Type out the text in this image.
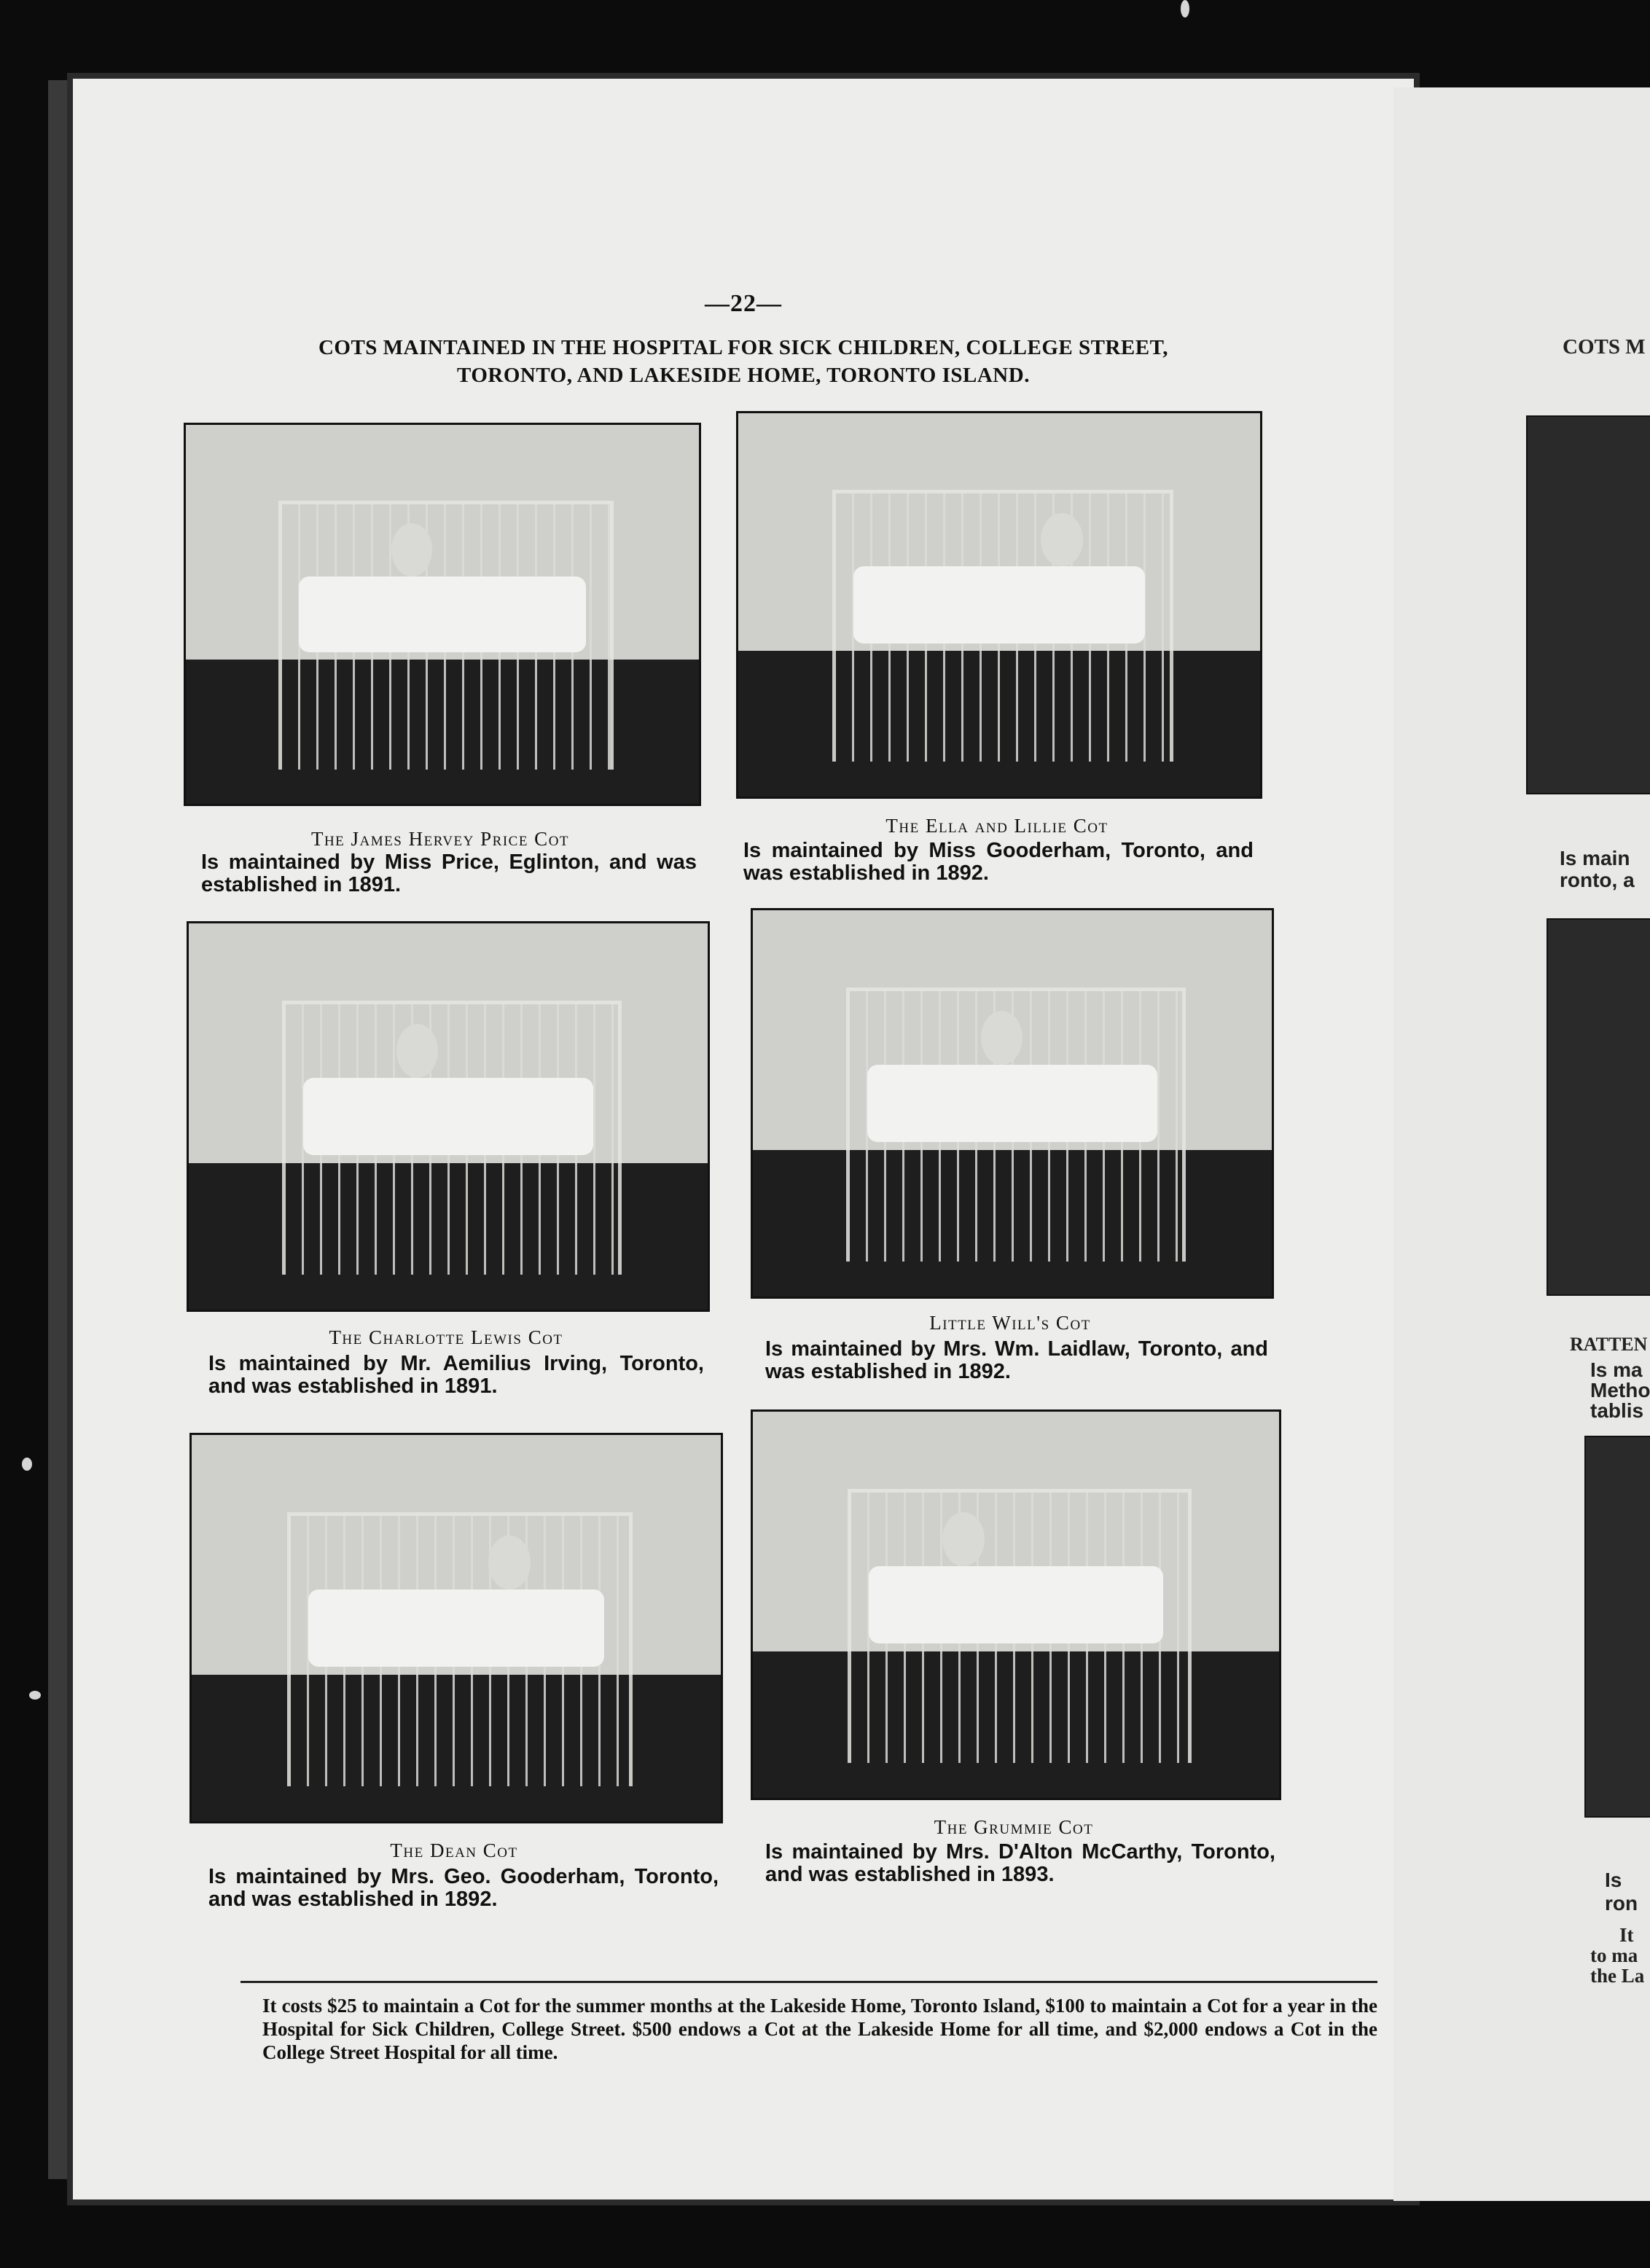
—22—
COTS MAINTAINED IN THE HOSPITAL FOR SICK CHILDREN, COLLEGE STREET,
TORONTO, AND LAKESIDE HOME, TORONTO ISLAND.
The James Hervey Price Cot
Is maintained by Miss Price, Eglinton, and was established in 1891.
The Ella and Lillie Cot
Is maintained by Miss Gooderham, Toronto, and was established in 1892.
The Charlotte Lewis Cot
Is maintained by Mr. Aemilius Irving, Toronto, and was established in 1891.
Little Will's Cot
Is maintained by Mrs. Wm. Laidlaw, Toronto, and was established in 1892.
The Dean Cot
Is maintained by Mrs. Geo. Gooderham, Toronto, and was established in 1892.
The Grummie Cot
Is maintained by Mrs. D'Alton McCarthy, Toronto, and was established in 1893.
It costs $25 to maintain a Cot for the summer months at the Lakeside Home, Toronto Island, $100 to maintain a Cot for a year in the Hospital for Sick Children, College Street. $500 endows a Cot at the Lakeside Home for all time, and $2,000 endows a Cot in the College Street Hospital for all time.
COTS M
Is main
ronto, a
RATTEN
Is ma
Metho
tablis
Is
ron
It
to ma
the La
